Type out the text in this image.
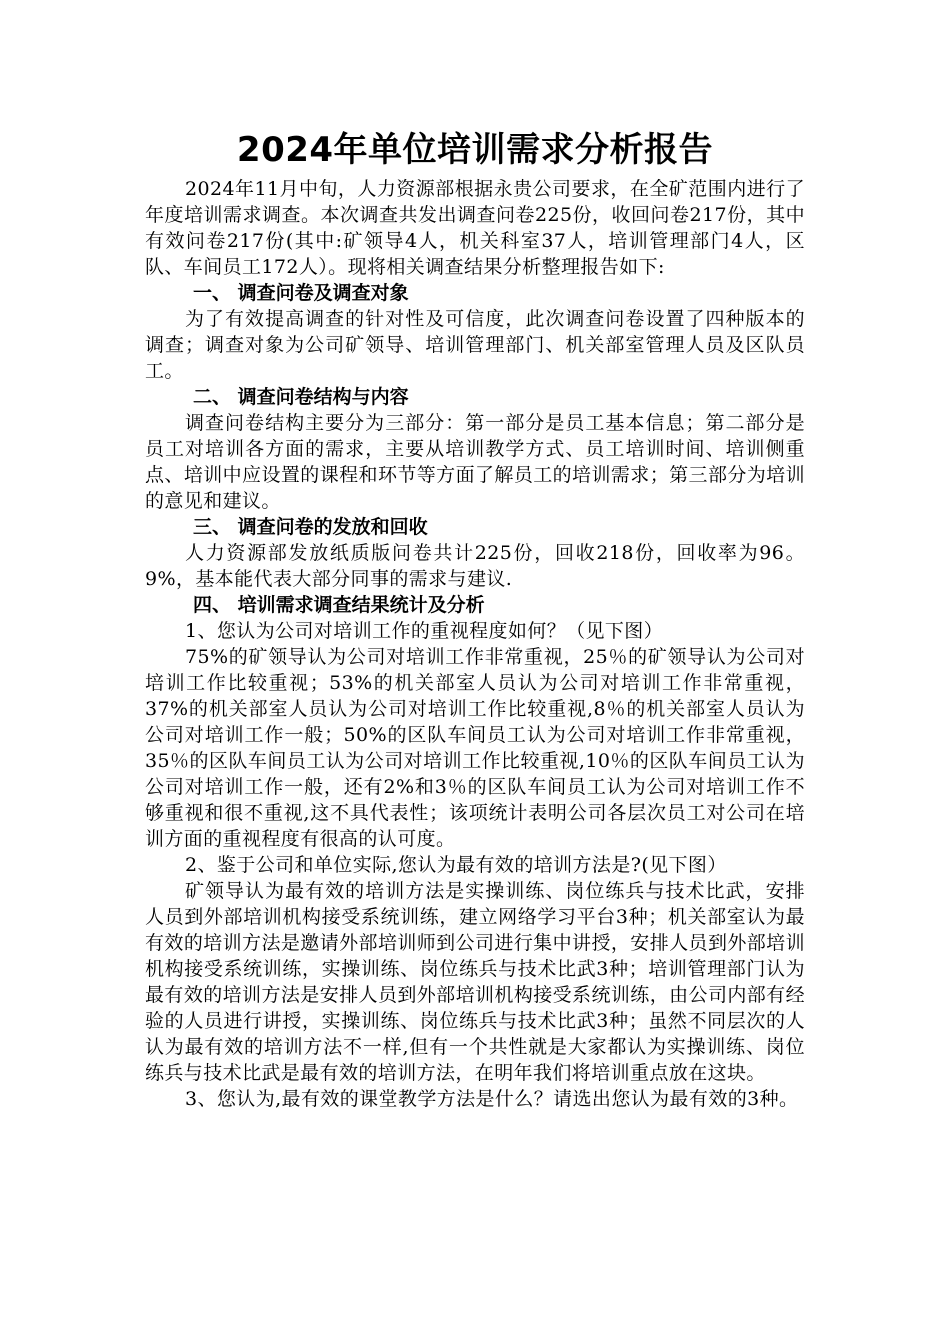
2024年单位培训需求分析报告

2024年11月中旬，人力资源部根据永贵公司要求，在全矿范围内进行了年度培训需求调查。本次调查共发出调查问卷225份，收回问卷217份，其中有效问卷217份(其中:矿领导4人，机关科室37人，培训管理部门4人，区队、车间员工172人）。现将相关调查结果分析整理报告如下:

一、 调查问卷及调查对象

为了有效提高调查的针对性及可信度，此次调查问卷设置了四种版本的调查；调查对象为公司矿领导、培训管理部门、机关部室管理人员及区队员工。

二、 调查问卷结构与内容

调查问卷结构主要分为三部分：第一部分是员工基本信息；第二部分是员工对培训各方面的需求，主要从培训教学方式、员工培训时间、培训侧重点、培训中应设置的课程和环节等方面了解员工的培训需求；第三部分为培训的意见和建议。

三、 调查问卷的发放和回收

人力资源部发放纸质版问卷共计225份，回收218份，回收率为96。9%，基本能代表大部分同事的需求与建议.

四、 培训需求调查结果统计及分析

1、您认为公司对培训工作的重视程度如何？（见下图）

75%的矿领导认为公司对培训工作非常重视，25％的矿领导认为公司对培训工作比较重视；53%的机关部室人员认为公司对培训工作非常重视，37%的机关部室人员认为公司对培训工作比较重视,8％的机关部室人员认为公司对培训工作一般；50%的区队车间员工认为公司对培训工作非常重视，35％的区队车间员工认为公司对培训工作比较重视,10％的区队车间员工认为公司对培训工作一般，还有2%和3％的区队车间员工认为公司对培训工作不够重视和很不重视,这不具代表性；该项统计表明公司各层次员工对公司在培训方面的重视程度有很高的认可度。

2、鉴于公司和单位实际,您认为最有效的培训方法是?(见下图）

矿领导认为最有效的培训方法是实操训练、岗位练兵与技术比武，安排人员到外部培训机构接受系统训练，建立网络学习平台3种；机关部室认为最有效的培训方法是邀请外部培训师到公司进行集中讲授，安排人员到外部培训机构接受系统训练，实操训练、岗位练兵与技术比武3种；培训管理部门认为最有效的培训方法是安排人员到外部培训机构接受系统训练，由公司内部有经验的人员进行讲授，实操训练、岗位练兵与技术比武3种；虽然不同层次的人认为最有效的培训方法不一样,但有一个共性就是大家都认为实操训练、岗位练兵与技术比武是最有效的培训方法，在明年我们将培训重点放在这块。

3、您认为,最有效的课堂教学方法是什么？请选出您认为最有效的3种。
